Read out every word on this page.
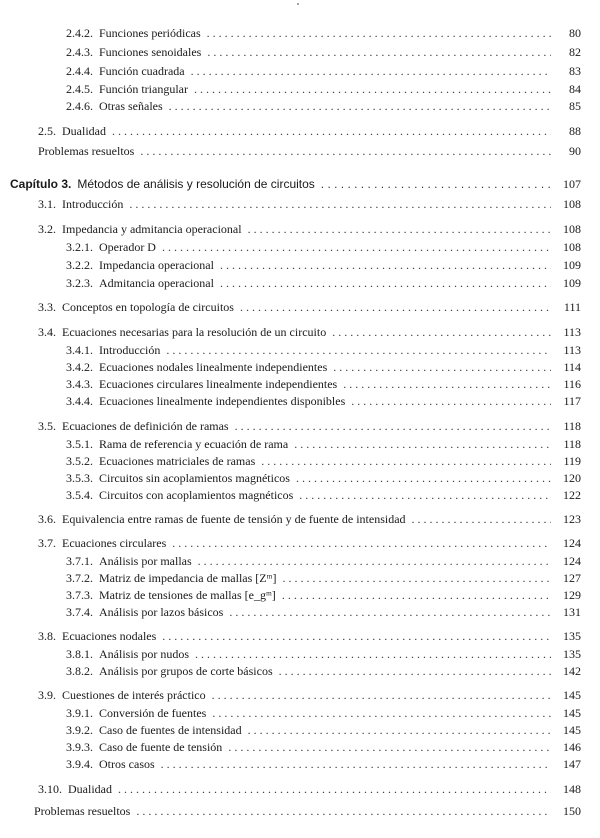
2.4.2. Funciones periódicas . . .	80
2.4.3. Funciones senoidales . . .	82
2.4.4. Función cuadrada . . .	83
2.4.5. Función triangular . . .	84
2.4.6. Otras señales . . .	85
2.5. Dualidad . . .	88
Problemas resueltos . . .	90
Capítulo 3. Métodos de análisis y resolución de circuitos . . .	107
3.1. Introducción . . .	108
3.2. Impedancia y admitancia operacional . . .	108
3.2.1. Operador D . . .	108
3.2.2. Impedancia operacional . . .	109
3.2.3. Admitancia operacional . . .	109
3.3. Conceptos en topología de circuitos . . .	111
3.4. Ecuaciones necesarias para la resolución de un circuito . . .	113
3.4.1. Introducción . . .	113
3.4.2. Ecuaciones nodales linealmente independientes . . .	114
3.4.3. Ecuaciones circulares linealmente independientes . . .	116
3.4.4. Ecuaciones linealmente independientes disponibles . . .	117
3.5. Ecuaciones de definición de ramas . . .	118
3.5.1. Rama de referencia y ecuación de rama . . .	118
3.5.2. Ecuaciones matriciales de ramas . . .	119
3.5.3. Circuitos sin acoplamientos magnéticos . . .	120
3.5.4. Circuitos con acoplamientos magnéticos . . .	122
3.6. Equivalencia entre ramas de fuente de tensión y de fuente de intensidad . . .	123
3.7. Ecuaciones circulares . . .	124
3.7.1. Análisis por mallas . . .	124
3.7.2. Matriz de impedancia de mallas [Zᵐ] . . .	127
3.7.3. Matriz de tensiones de mallas [e_gᵐ] . . .	129
3.7.4. Análisis por lazos básicos . . .	131
3.8. Ecuaciones nodales . . .	135
3.8.1. Análisis por nudos . . .	135
3.8.2. Análisis por grupos de corte básicos . . .	142
3.9. Cuestiones de interés práctico . . .	145
3.9.1. Conversión de fuentes . . .	145
3.9.2. Caso de fuentes de intensidad . . .	145
3.9.3. Caso de fuente de tensión . . .	146
3.9.4. Otros casos . . .	147
3.10. Dualidad . . .	148
Problemas resueltos . . .	150
